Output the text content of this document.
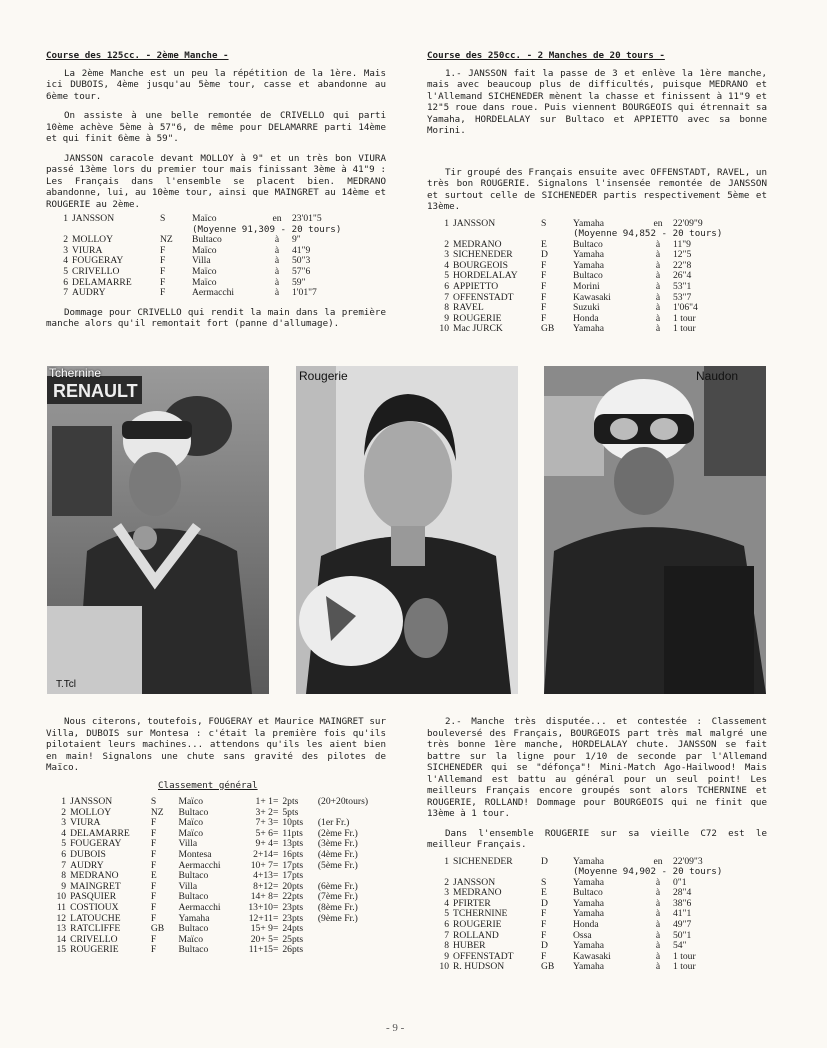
Course des 125cc. - 2ème Manche -

La 2ème Manche est un peu la répétition de la 1ère. Mais ici DUBOIS, 4ème jusqu'au 5ème tour, casse et abandonne au 6ème tour.

On assiste à une belle remontée de CRIVELLO qui parti 10ème achève 5ème à 57"6, de même pour DELAMARRE parti 14ème et qui finit 6ème à 59".

JANSSON caracole devant MOLLOY à 9" et un très bon VIURA passé 13ème lors du premier tour mais finissant 3ème à 41"9 : Les Français dans l'ensemble se placent bien. MEDRANO abandonne, lui, au 10ème tour, ainsi que MAINGRET au 14ème et ROUGERIE au 2ème.

1	JANSSON	S	Maïco	en	23'01"5
			(Moyenne 91,309 - 20 tours)		
2	MOLLOY	NZ	Bultaco	à	9"
3	VIURA	F	Maïco	à	41"9
4	FOUGERAY	F	Villa	à	50"3
5	CRIVELLO	F	Maïco	à	57"6
6	DELAMARRE	F	Maïco	à	59"
7	AUDRY	F	Aermacchi	à	1'01"7

Dommage pour CRIVELLO qui rendit la main dans la première manche alors qu'il remontait fort (panne d'allumage).

Course des 250cc. - 2 Manches de 20 tours -

1.- JANSSON fait la passe de 3 et enlève la 1ère manche, mais avec beaucoup plus de difficultés, puisque MEDRANO et l'Allemand SICHENEDER mènent la chasse et finissent à 11"9 et 12"5 roue dans roue. Puis viennent BOURGEOIS qui étrennait sa Yamaha, HORDELALAY sur Bultaco et APPIETTO avec sa bonne Morini.

Tir groupé des Français ensuite avec OFFENSTADT, RAVEL, un très bon ROUGERIE. Signalons l'insensée remontée de JANSSON et surtout celle de SICHENEDER partis respectivement 5ème et 13ème.

1	JANSSON	S	Yamaha	en	22'09"9
			(Moyenne 94,852 - 20 tours)		
2	MEDRANO	E	Bultaco	à	11"9
3	SICHENEDER	D	Yamaha	à	12"5
4	BOURGEOIS	F	Yamaha	à	22"8
5	HORDELALAY	F	Bultaco	à	26"4
6	APPIETTO	F	Morini	à	53"1
7	OFFENSTADT	F	Kawasaki	à	53"7
8	RAVEL	F	Suzuki	à	1'06"4
9	ROUGERIE	F	Honda	à	1 tour
10	Mac JURCK	GB	Yamaha	à	1 tour
RENAULT
Tchernine
T.Tcl
Rougerie	Naudon

Nous citerons, toutefois, FOUGERAY et Maurice MAINGRET sur Villa, DUBOIS sur Montesa : c'était la première fois qu'ils pilotaient leurs machines... attendons qu'ils les aient bien en main! Signalons une chute sans gravité des pilotes de Maïco.

Classement général
1	JANSSON	S	Maïco	1+ 1=	2pts	(20+20tours)
2	MOLLOY	NZ	Bultaco	3+ 2=	5pts	
3	VIURA	F	Maïco	7+ 3=	10pts	(1er Fr.)
4	DELAMARRE	F	Maïco	5+ 6=	11pts	(2ème Fr.)
5	FOUGERAY	F	Villa	9+ 4=	13pts	(3ème Fr.)
6	DUBOIS	F	Montesa	2+14=	16pts	(4ème Fr.)
7	AUDRY	F	Aermacchi	10+ 7=	17pts	(5ème Fr.)
8	MEDRANO	E	Bultaco	4+13=	17pts	
9	MAINGRET	F	Villa	8+12=	20pts	(6ème Fr.)
10	PASQUIER	F	Bultaco	14+ 8=	22pts	(7ème Fr.)
11	COSTIOUX	F	Aermacchi	13+10=	23pts	(8ème Fr.)
12	LATOUCHE	F	Yamaha	12+11=	23pts	(9ème Fr.)
13	RATCLIFFE	GB	Bultaco	15+ 9=	24pts	
14	CRIVELLO	F	Maïco	20+ 5=	25pts	
15	ROUGERIE	F	Bultaco	11+15=	26pts	

2.- Manche très disputée... et contestée : Classement bouleversé des Français, BOURGEOIS part très mal malgré une très bonne 1ère manche, HORDELALAY chute. JANSSON se fait battre sur la ligne pour 1/10 de seconde par l'Allemand SICHENEDER qui se "défonça"! Mini-Match Ago-Hailwood! Mais l'Allemand est battu au général pour un seul point! Les meilleurs Français encore groupés sont alors TCHERNINE et ROUGERIE, ROLLAND! Dommage pour BOURGEOIS qui ne finit que 13ème à 1 tour.

Dans l'ensemble ROUGERIE sur sa vieille C72 est le meilleur Français.

1	SICHENEDER	D	Yamaha	en	22'09"3
			(Moyenne 94,902 - 20 tours)		
2	JANSSON	S	Yamaha	à	0"1
3	MEDRANO	E	Bultaco	à	28"4
4	PFIRTER	D	Yamaha	à	38"6
5	TCHERNINE	F	Yamaha	à	41"1
6	ROUGERIE	F	Honda	à	49"7
7	ROLLAND	F	Ossa	à	50"1
8	HUBER	D	Yamaha	à	54"
9	OFFENSTADT	F	Kawasaki	à	1 tour
10	R. HUDSON	GB	Yamaha	à	1 tour
- 9 -
